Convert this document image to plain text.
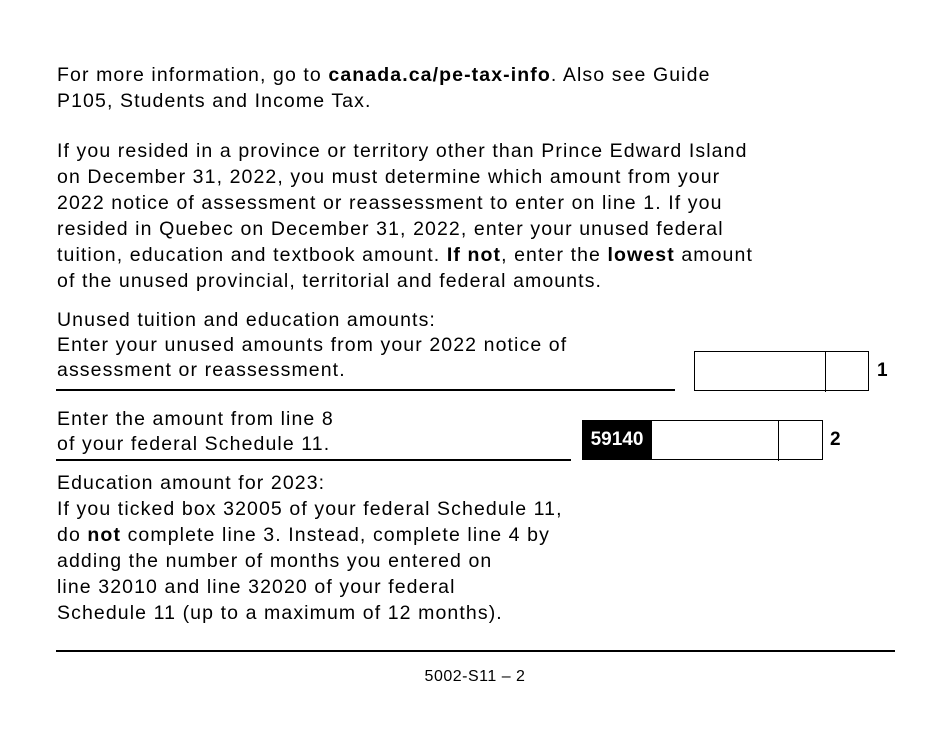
For more information, go to canada.ca/pe-tax-info. Also see Guide
P105, Students and Income Tax.
If you resided in a province or territory other than Prince Edward Island
on December 31, 2022, you must determine which amount from your
2022 notice of assessment or reassessment to enter on line 1. If you
resided in Quebec on December 31, 2022, enter your unused federal
tuition, education and textbook amount. If not, enter the lowest amount
of the unused provincial, territorial and federal amounts.
Unused tuition and education amounts:
Enter your unused amounts from your 2022 notice of
assessment or reassessment.	1
Enter the amount from line 8
of your federal Schedule 11.	59140	2
Education amount for 2023:
If you ticked box 32005 of your federal Schedule 11,
do not complete line 3. Instead, complete line 4 by
adding the number of months you entered on
line 32010 and line 32020 of your federal
Schedule 11 (up to a maximum of 12 months).
5002-S11 – 2
